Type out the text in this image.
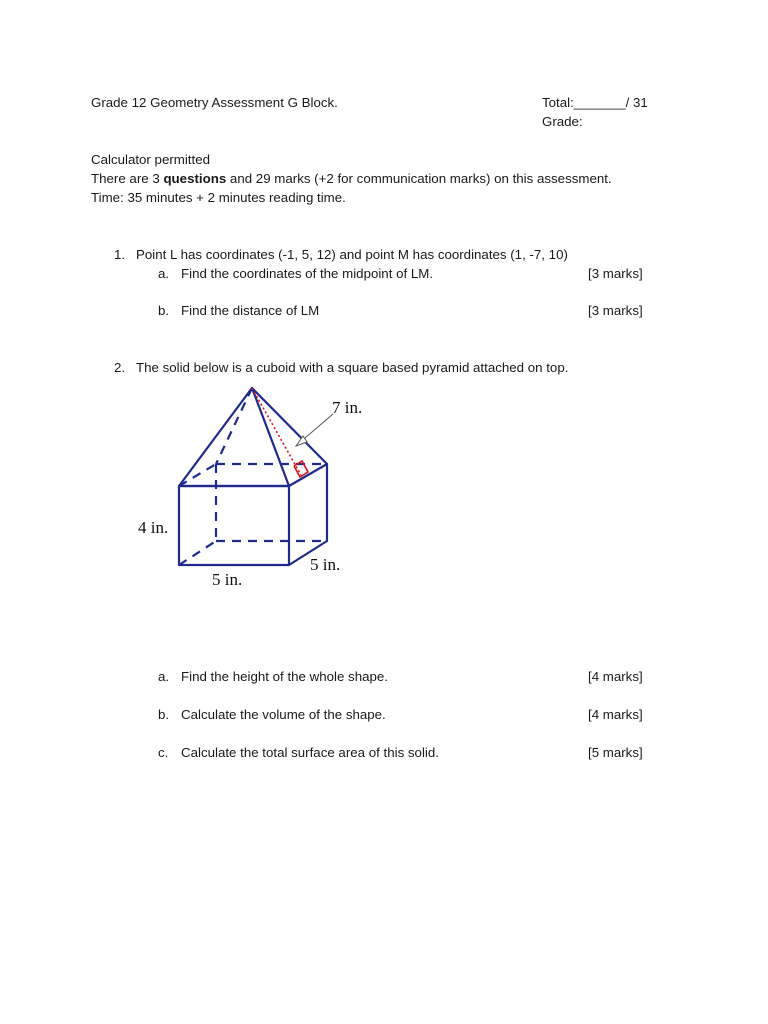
Grade 12 Geometry Assessment G Block.	Total:_______/ 31
Grade:
Calculator permitted
There are 3 questions and 29 marks (+2 for communication marks) on this assessment.
Time: 35 minutes + 2 minutes reading time.
1. Point L has coordinates (-1, 5, 12) and point M has coordinates (1, -7, 10)
a. Find the coordinates of the midpoint of LM.	[3 marks]
b. Find the distance of LM	[3 marks]
2. The solid below is a cuboid with a square based pyramid attached on top.
7 in.
4 in.
5 in.
5 in.
a. Find the height of the whole shape.	[4 marks]
b. Calculate the volume of the shape.	[4 marks]
c. Calculate the total surface area of this solid.	[5 marks]
